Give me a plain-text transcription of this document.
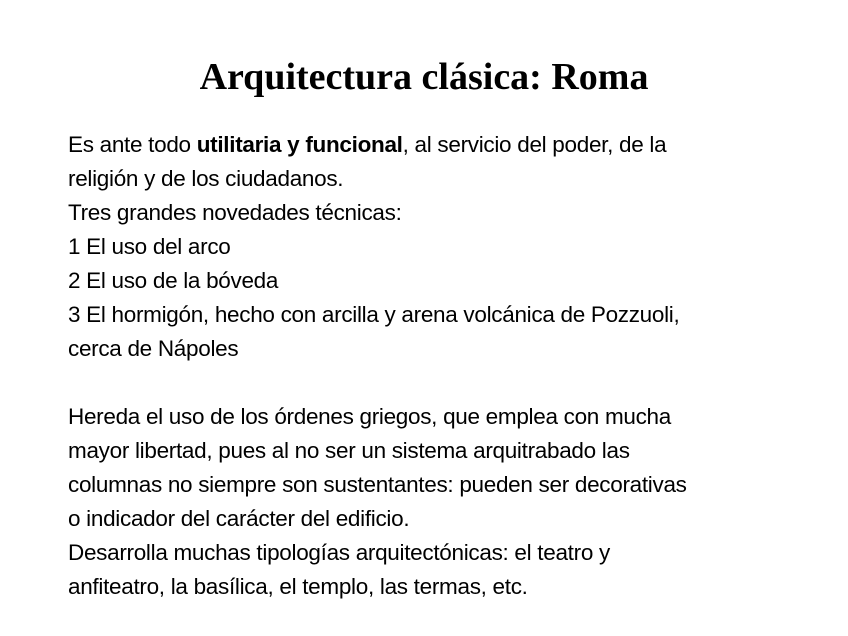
Arquitectura clásica: Roma
Es ante todo utilitaria y funcional, al servicio del poder, de la
religión y de los ciudadanos.
Tres grandes novedades técnicas:
1 El uso del arco
2 El uso de la bóveda
3 El hormigón, hecho con arcilla y arena volcánica de Pozzuoli,
cerca de Nápoles
Hereda el uso de los órdenes griegos, que emplea con mucha
mayor libertad, pues al no ser un sistema arquitrabado las
columnas no siempre son sustentantes: pueden ser decorativas
o indicador del carácter del edificio.
Desarrolla muchas tipologías arquitectónicas: el teatro y
anfiteatro, la basílica, el templo, las termas, etc.
